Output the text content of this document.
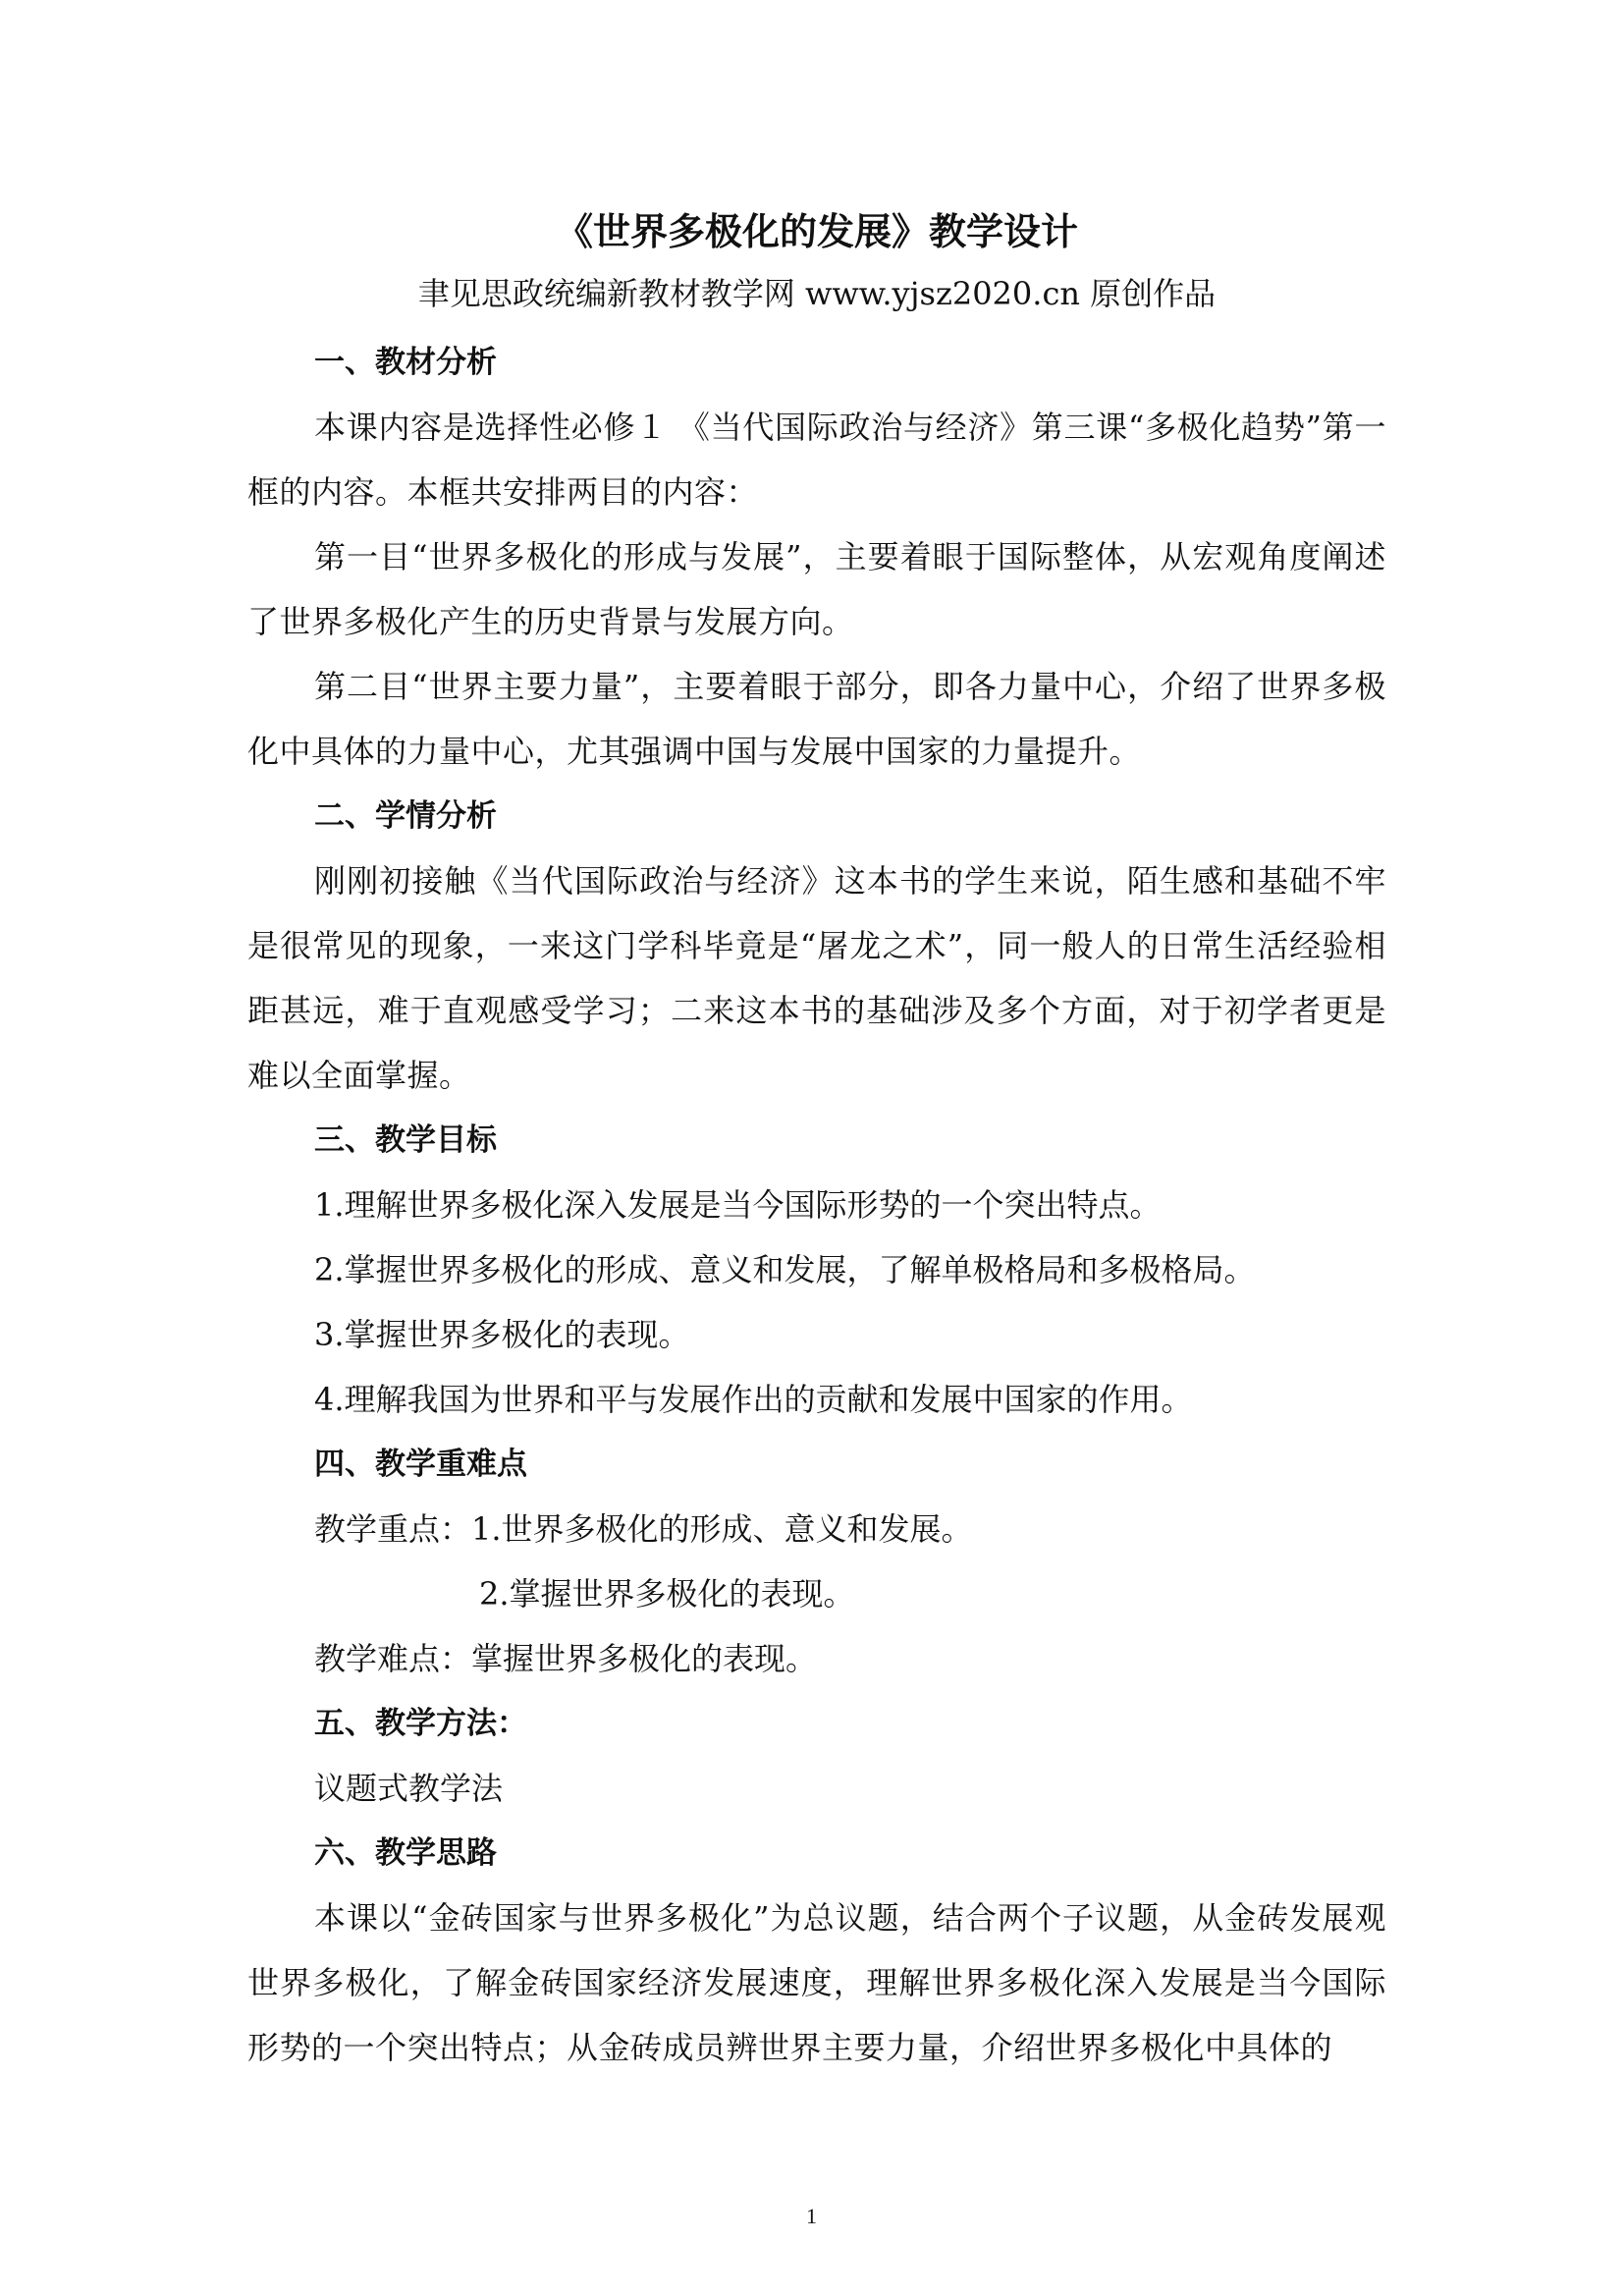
《世界多极化的发展》教学设计

聿见思政统编新教材教学网 www.yjsz2020.cn 原创作品

一、教材分析

本课内容是选择性必修１ 《当代国际政治与经济》第三课“多极化趋势”第一框的内容。本框共安排两目的内容：

第一目“世界多极化的形成与发展”，主要着眼于国际整体，从宏观角度阐述了世界多极化产生的历史背景与发展方向。

第二目“世界主要力量”，主要着眼于部分，即各力量中心，介绍了世界多极化中具体的力量中心，尤其强调中国与发展中国家的力量提升。

二、学情分析

刚刚初接触《当代国际政治与经济》这本书的学生来说，陌生感和基础不牢是很常见的现象，一来这门学科毕竟是“屠龙之术”，同一般人的日常生活经验相距甚远，难于直观感受学习；二来这本书的基础涉及多个方面，对于初学者更是难以全面掌握。

三、教学目标

1.理解世界多极化深入发展是当今国际形势的一个突出特点。

2.掌握世界多极化的形成、意义和发展，了解单极格局和多极格局。

3.掌握世界多极化的表现。

4.理解我国为世界和平与发展作出的贡献和发展中国家的作用。

四、教学重难点

教学重点：1.世界多极化的形成、意义和发展。

2.掌握世界多极化的表现。

教学难点：掌握世界多极化的表现。

五、教学方法：

议题式教学法

六、教学思路

本课以“金砖国家与世界多极化”为总议题，结合两个子议题，从金砖发展观世界多极化，了解金砖国家经济发展速度，理解世界多极化深入发展是当今国际形势的一个突出特点；从金砖成员辨世界主要力量，介绍世界多极化中具体的

1
